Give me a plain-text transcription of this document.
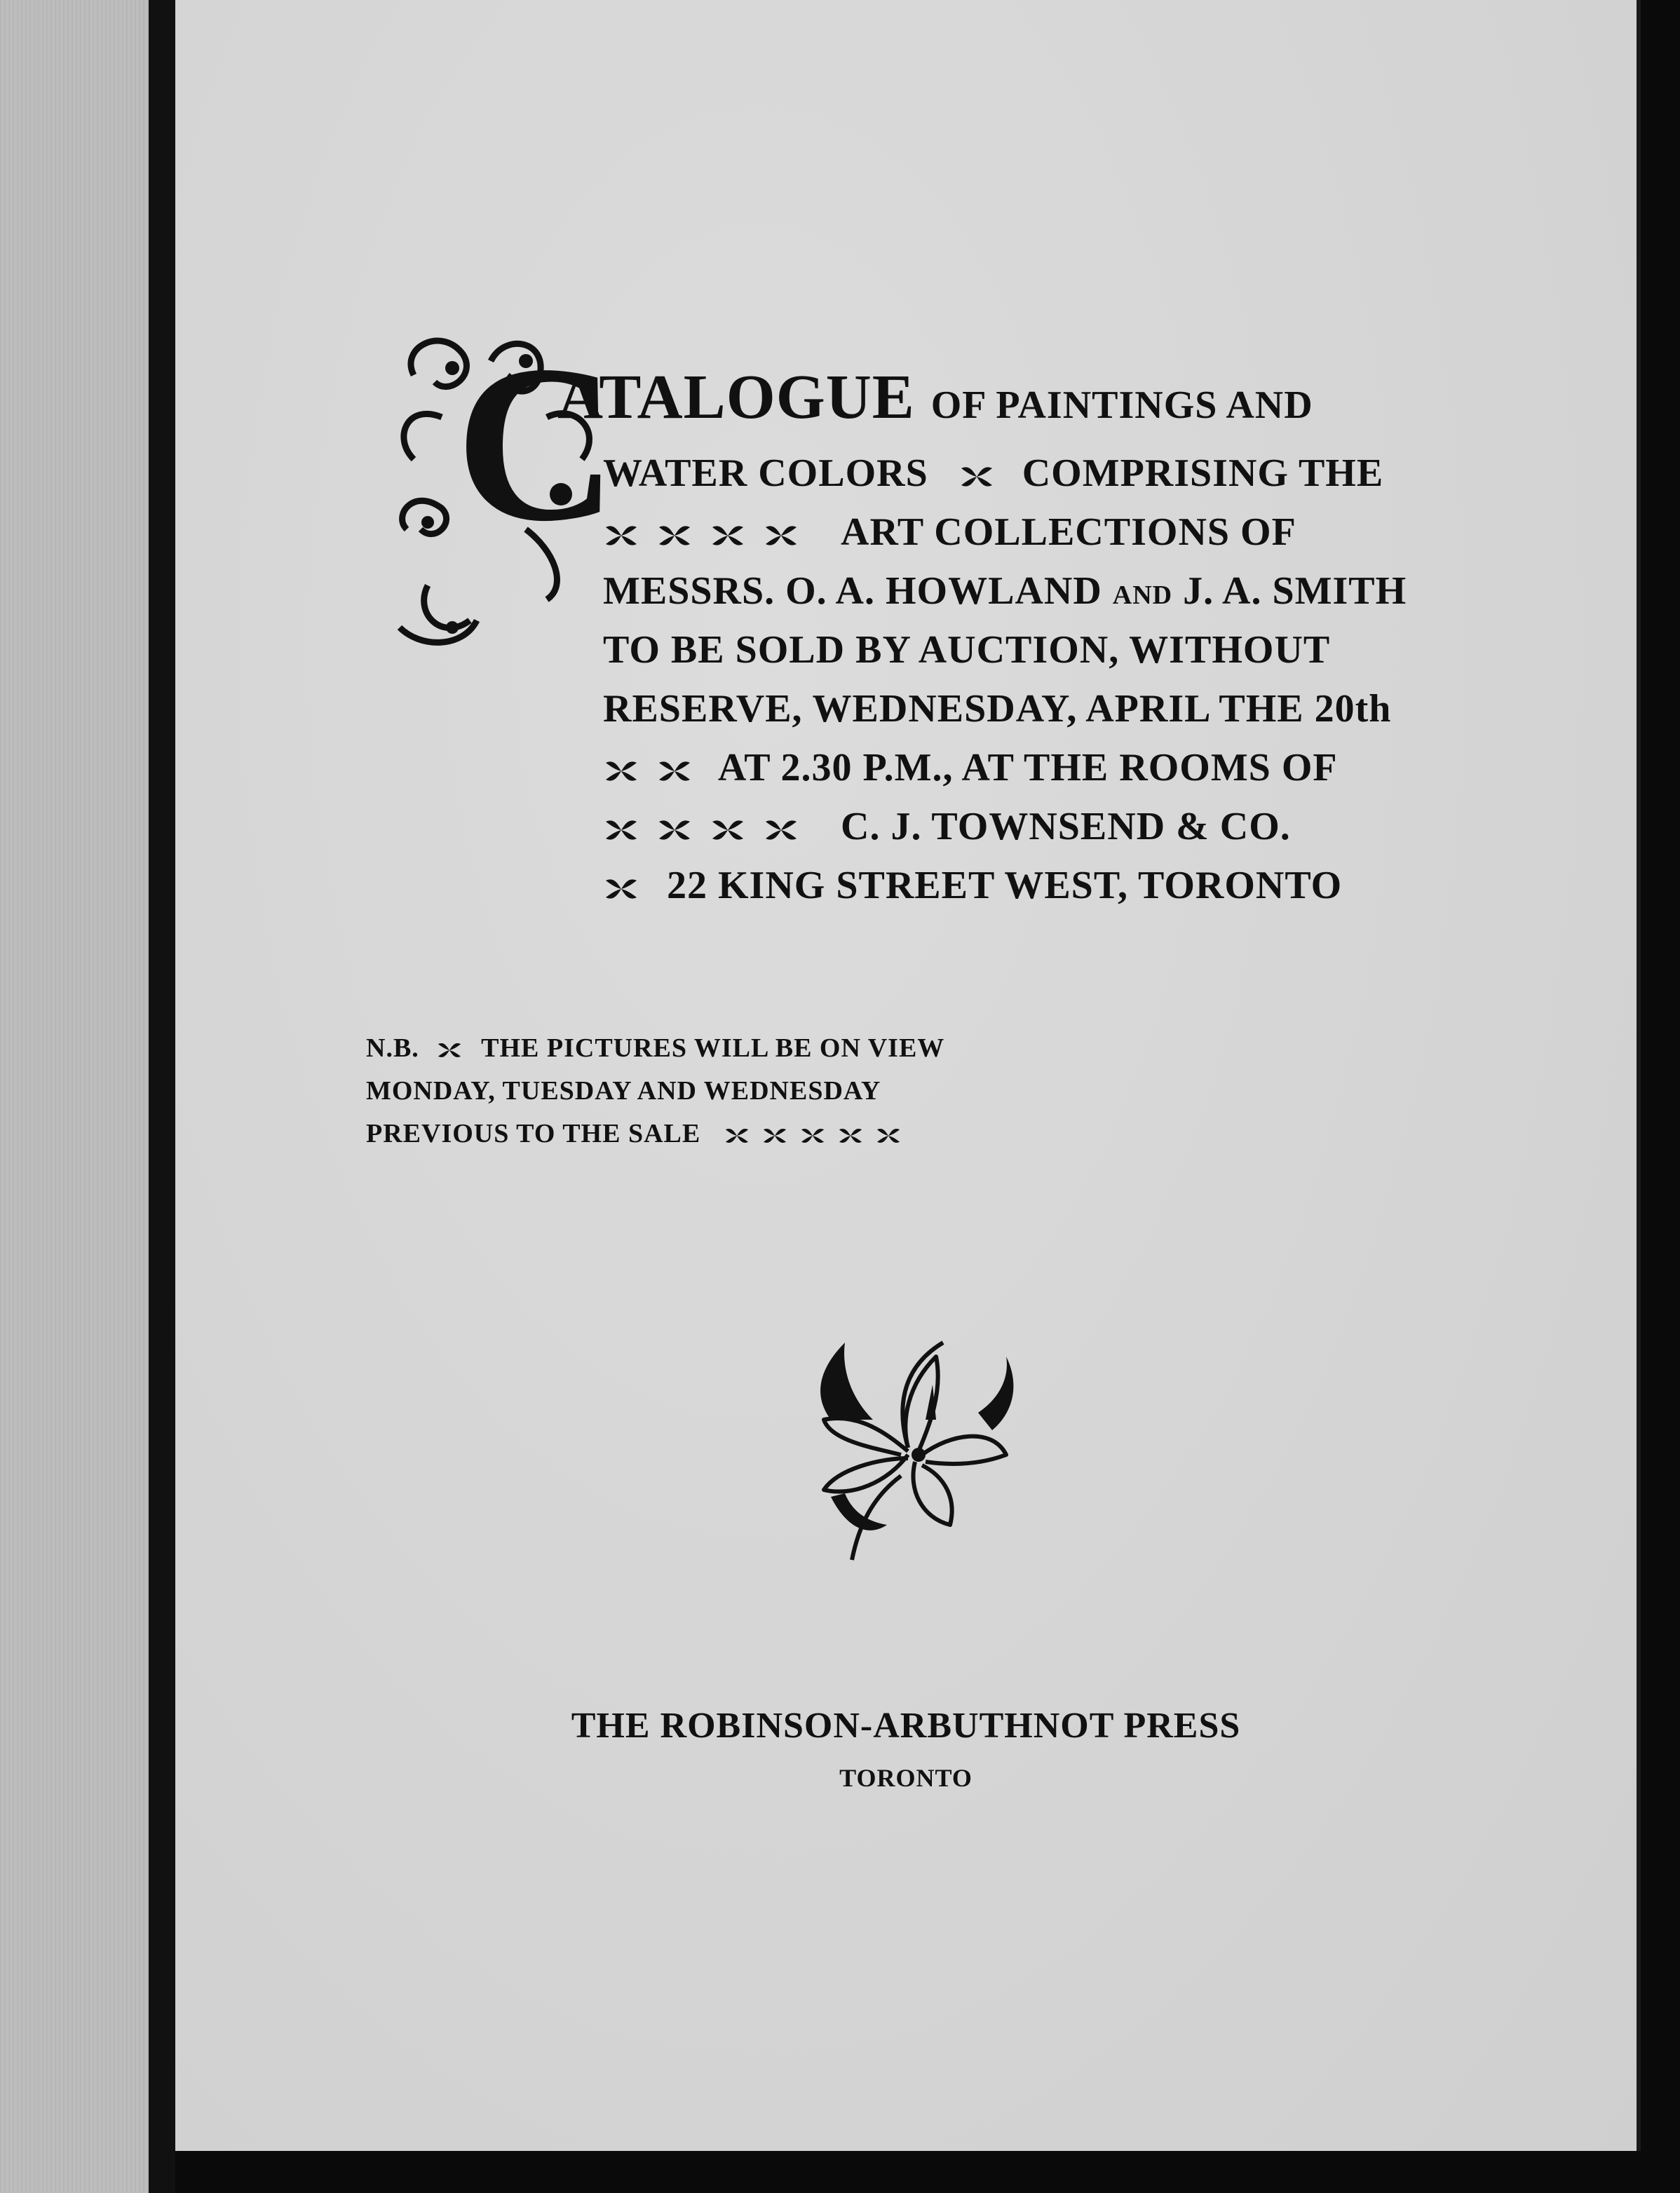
C
ATALOGUE OF PAINTINGS AND
WATER COLORS COMPRISING THE
ART COLLECTIONS OF
MESSRS. O. A. HOWLAND AND J. A. SMITH
TO BE SOLD BY AUCTION, WITHOUT
RESERVE, WEDNESDAY, APRIL THE 20th
AT 2.30 P.M., AT THE ROOMS OF
C. J. TOWNSEND & CO.
22 KING STREET WEST, TORONTO
N.B. THE PICTURES WILL BE ON VIEW
MONDAY, TUESDAY AND WEDNESDAY
PREVIOUS TO THE SALE
THE ROBINSON-ARBUTHNOT PRESS
TORONTO
